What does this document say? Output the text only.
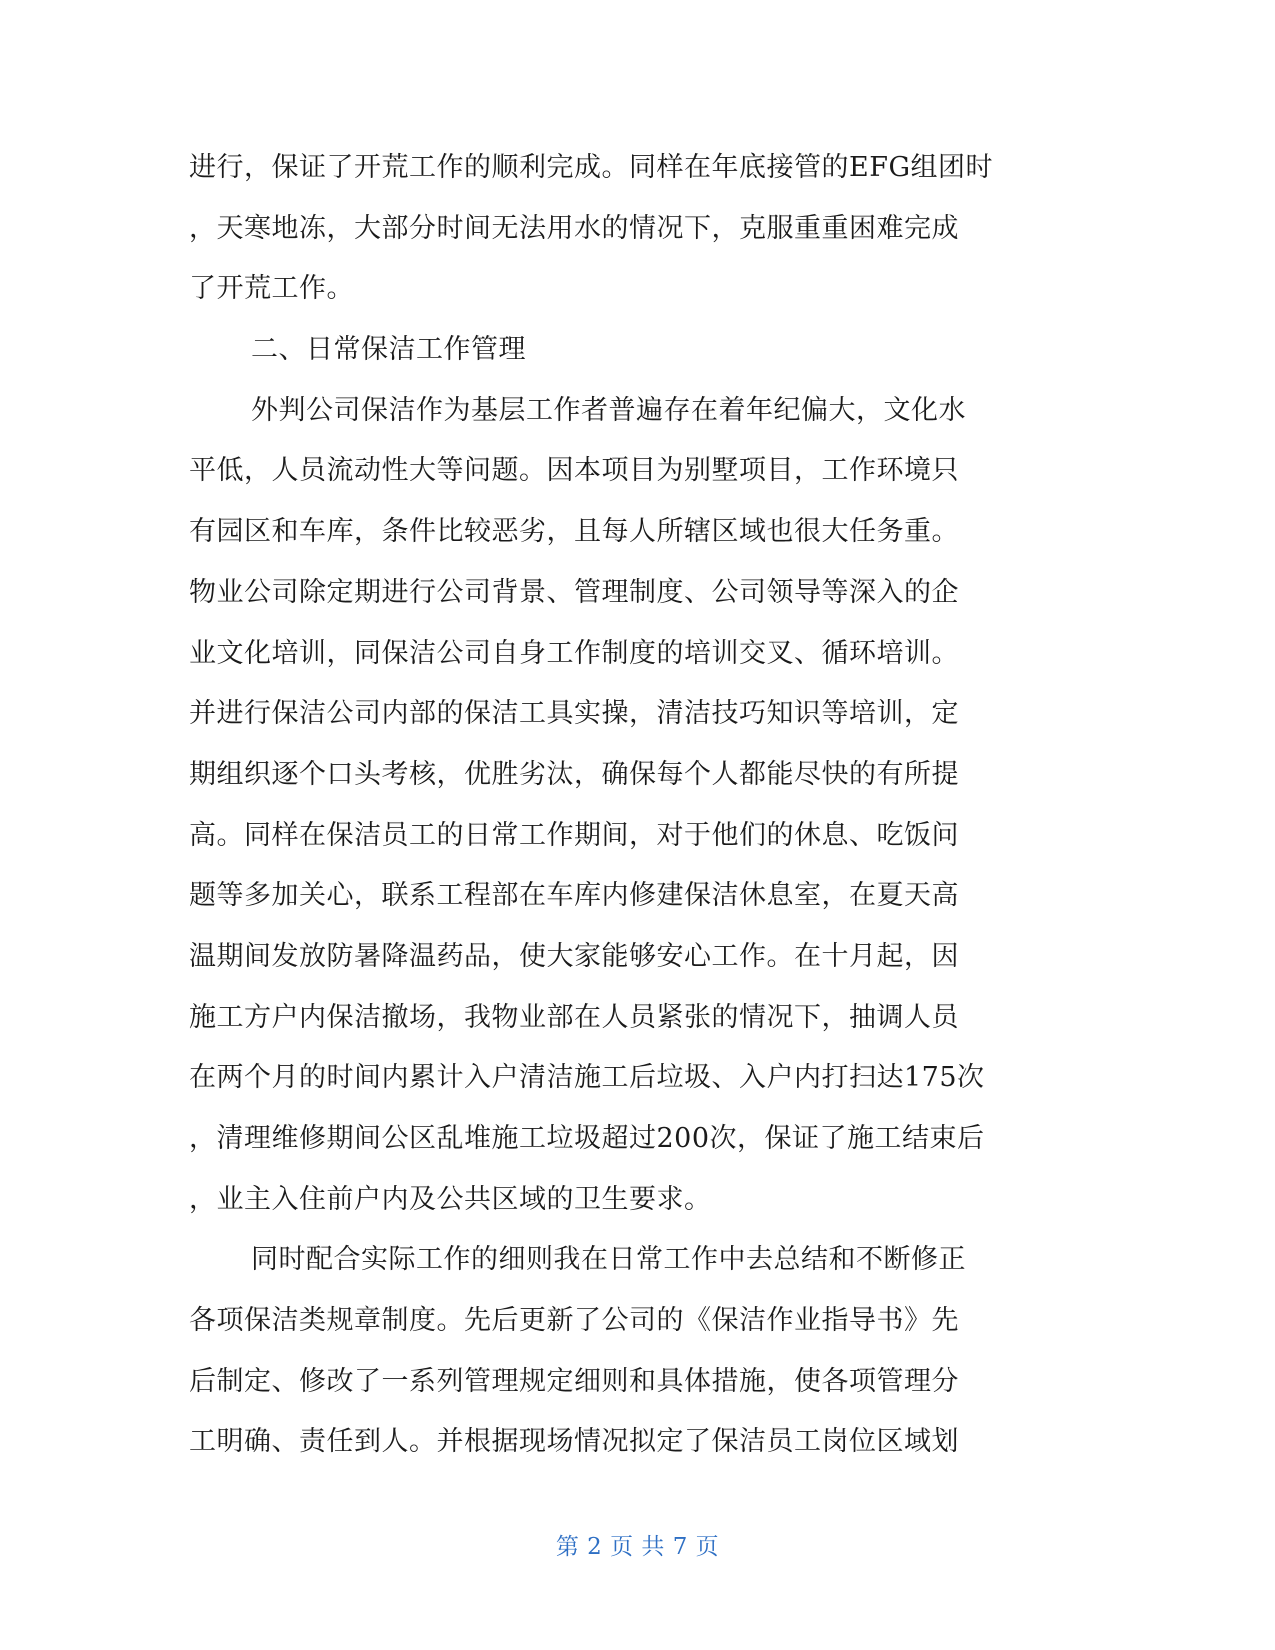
进行，保证了开荒工作的顺利完成。同样在年底接管的EFG组团时
，天寒地冻，大部分时间无法用水的情况下，克服重重困难完成
了开荒工作。
二、日常保洁工作管理
外判公司保洁作为基层工作者普遍存在着年纪偏大，文化水
平低，人员流动性大等问题。因本项目为别墅项目，工作环境只
有园区和车库，条件比较恶劣，且每人所辖区域也很大任务重。
物业公司除定期进行公司背景、管理制度、公司领导等深入的企
业文化培训，同保洁公司自身工作制度的培训交叉、循环培训。
并进行保洁公司内部的保洁工具实操，清洁技巧知识等培训，定
期组织逐个口头考核，优胜劣汰，确保每个人都能尽快的有所提
高。同样在保洁员工的日常工作期间，对于他们的休息、吃饭问
题等多加关心，联系工程部在车库内修建保洁休息室，在夏天高
温期间发放防暑降温药品，使大家能够安心工作。在十月起，因
施工方户内保洁撤场，我物业部在人员紧张的情况下，抽调人员
在两个月的时间内累计入户清洁施工后垃圾、入户内打扫达175次
，清理维修期间公区乱堆施工垃圾超过200次，保证了施工结束后
，业主入住前户内及公共区域的卫生要求。
同时配合实际工作的细则我在日常工作中去总结和不断修正
各项保洁类规章制度。先后更新了公司的《保洁作业指导书》先
后制定、修改了一系列管理规定细则和具体措施，使各项管理分
工明确、责任到人。并根据现场情况拟定了保洁员工岗位区域划
第 2 页 共 7 页
